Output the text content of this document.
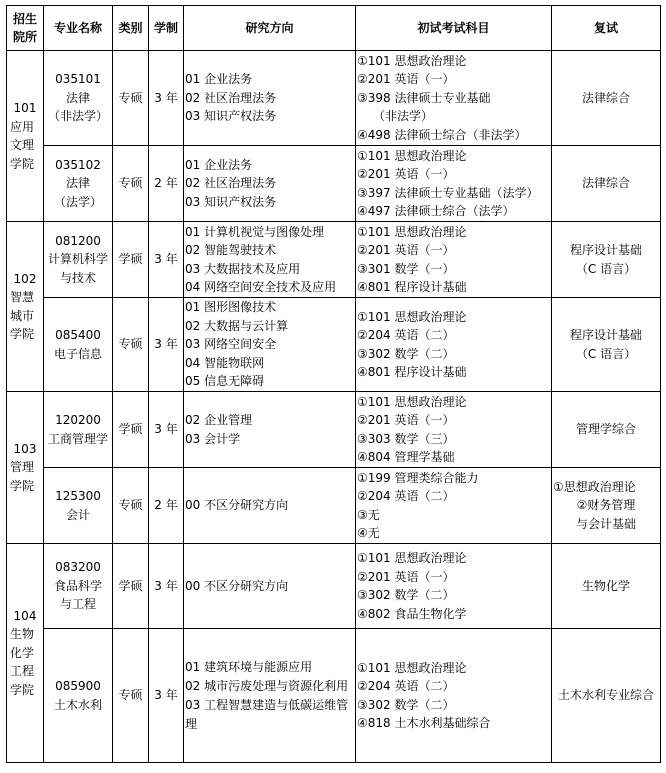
招生院所	专业名称	类别	学制	研究方向	初试考试科目	复试

101
应用
文理
学院	035101
法律
（非法学）	专硕	3 年	01 企业法务
02 社区治理法务
03 知识产权法务	①101 思想政治理论
②201 英语（一）
③398 法律硕士专业基础
（非法学）
④498 法律硕士综合（非法学）	法律综合

	035102
法律
（法学）	专硕	2 年	01 企业法务
02 社区治理法务
03 知识产权法务	①101 思想政治理论
②201 英语（一）
③397 法律硕士专业基础（法学）
④497 法律硕士综合（法学）	法律综合

102
智慧
城市
学院	081200
计算机科学
与技术	学硕	3 年	01 计算机视觉与图像处理
02 智能驾驶技术
03 大数据技术及应用
04 网络空间安全技术及应用	①101 思想政治理论
②201 英语（一）
③301 数学（一）
④801 程序设计基础	程序设计基础
（C 语言）

	085400
电子信息	专硕	3 年	01 图形图像技术
02 大数据与云计算
03 网络空间安全
04 智能物联网
05 信息无障碍	①101 思想政治理论
②204 英语（二）
③302 数学（二）
④801 程序设计基础	程序设计基础
（C 语言）

103
管理
学院	120200
工商管理学	学硕	3 年	02 企业管理
03 会计学	①101 思想政治理论
②201 英语（一）
③303 数学（三）
④804 管理学基础	管理学综合

	125300
会计	专硕	2 年	00 不区分研究方向	①199 管理类综合能力
②204 英语（二）
③无
④无	①思想政治理论
②财务管理
与会计基础

104
生物
化学
工程
学院	083200
食品科学
与工程	学硕	3 年	00 不区分研究方向	①101 思想政治理论
②201 英语（一）
③302 数学（二）
④802 食品生物化学	生物化学

	085900
土木水利	专硕	3 年	01 建筑环境与能源应用
02 城市污废处理与资源化利用
03 工程智慧建造与低碳运维管
理	①101 思想政治理论
②204 英语（二）
③302 数学（二）
④818 土木水利基础综合	土木水利专业综合
